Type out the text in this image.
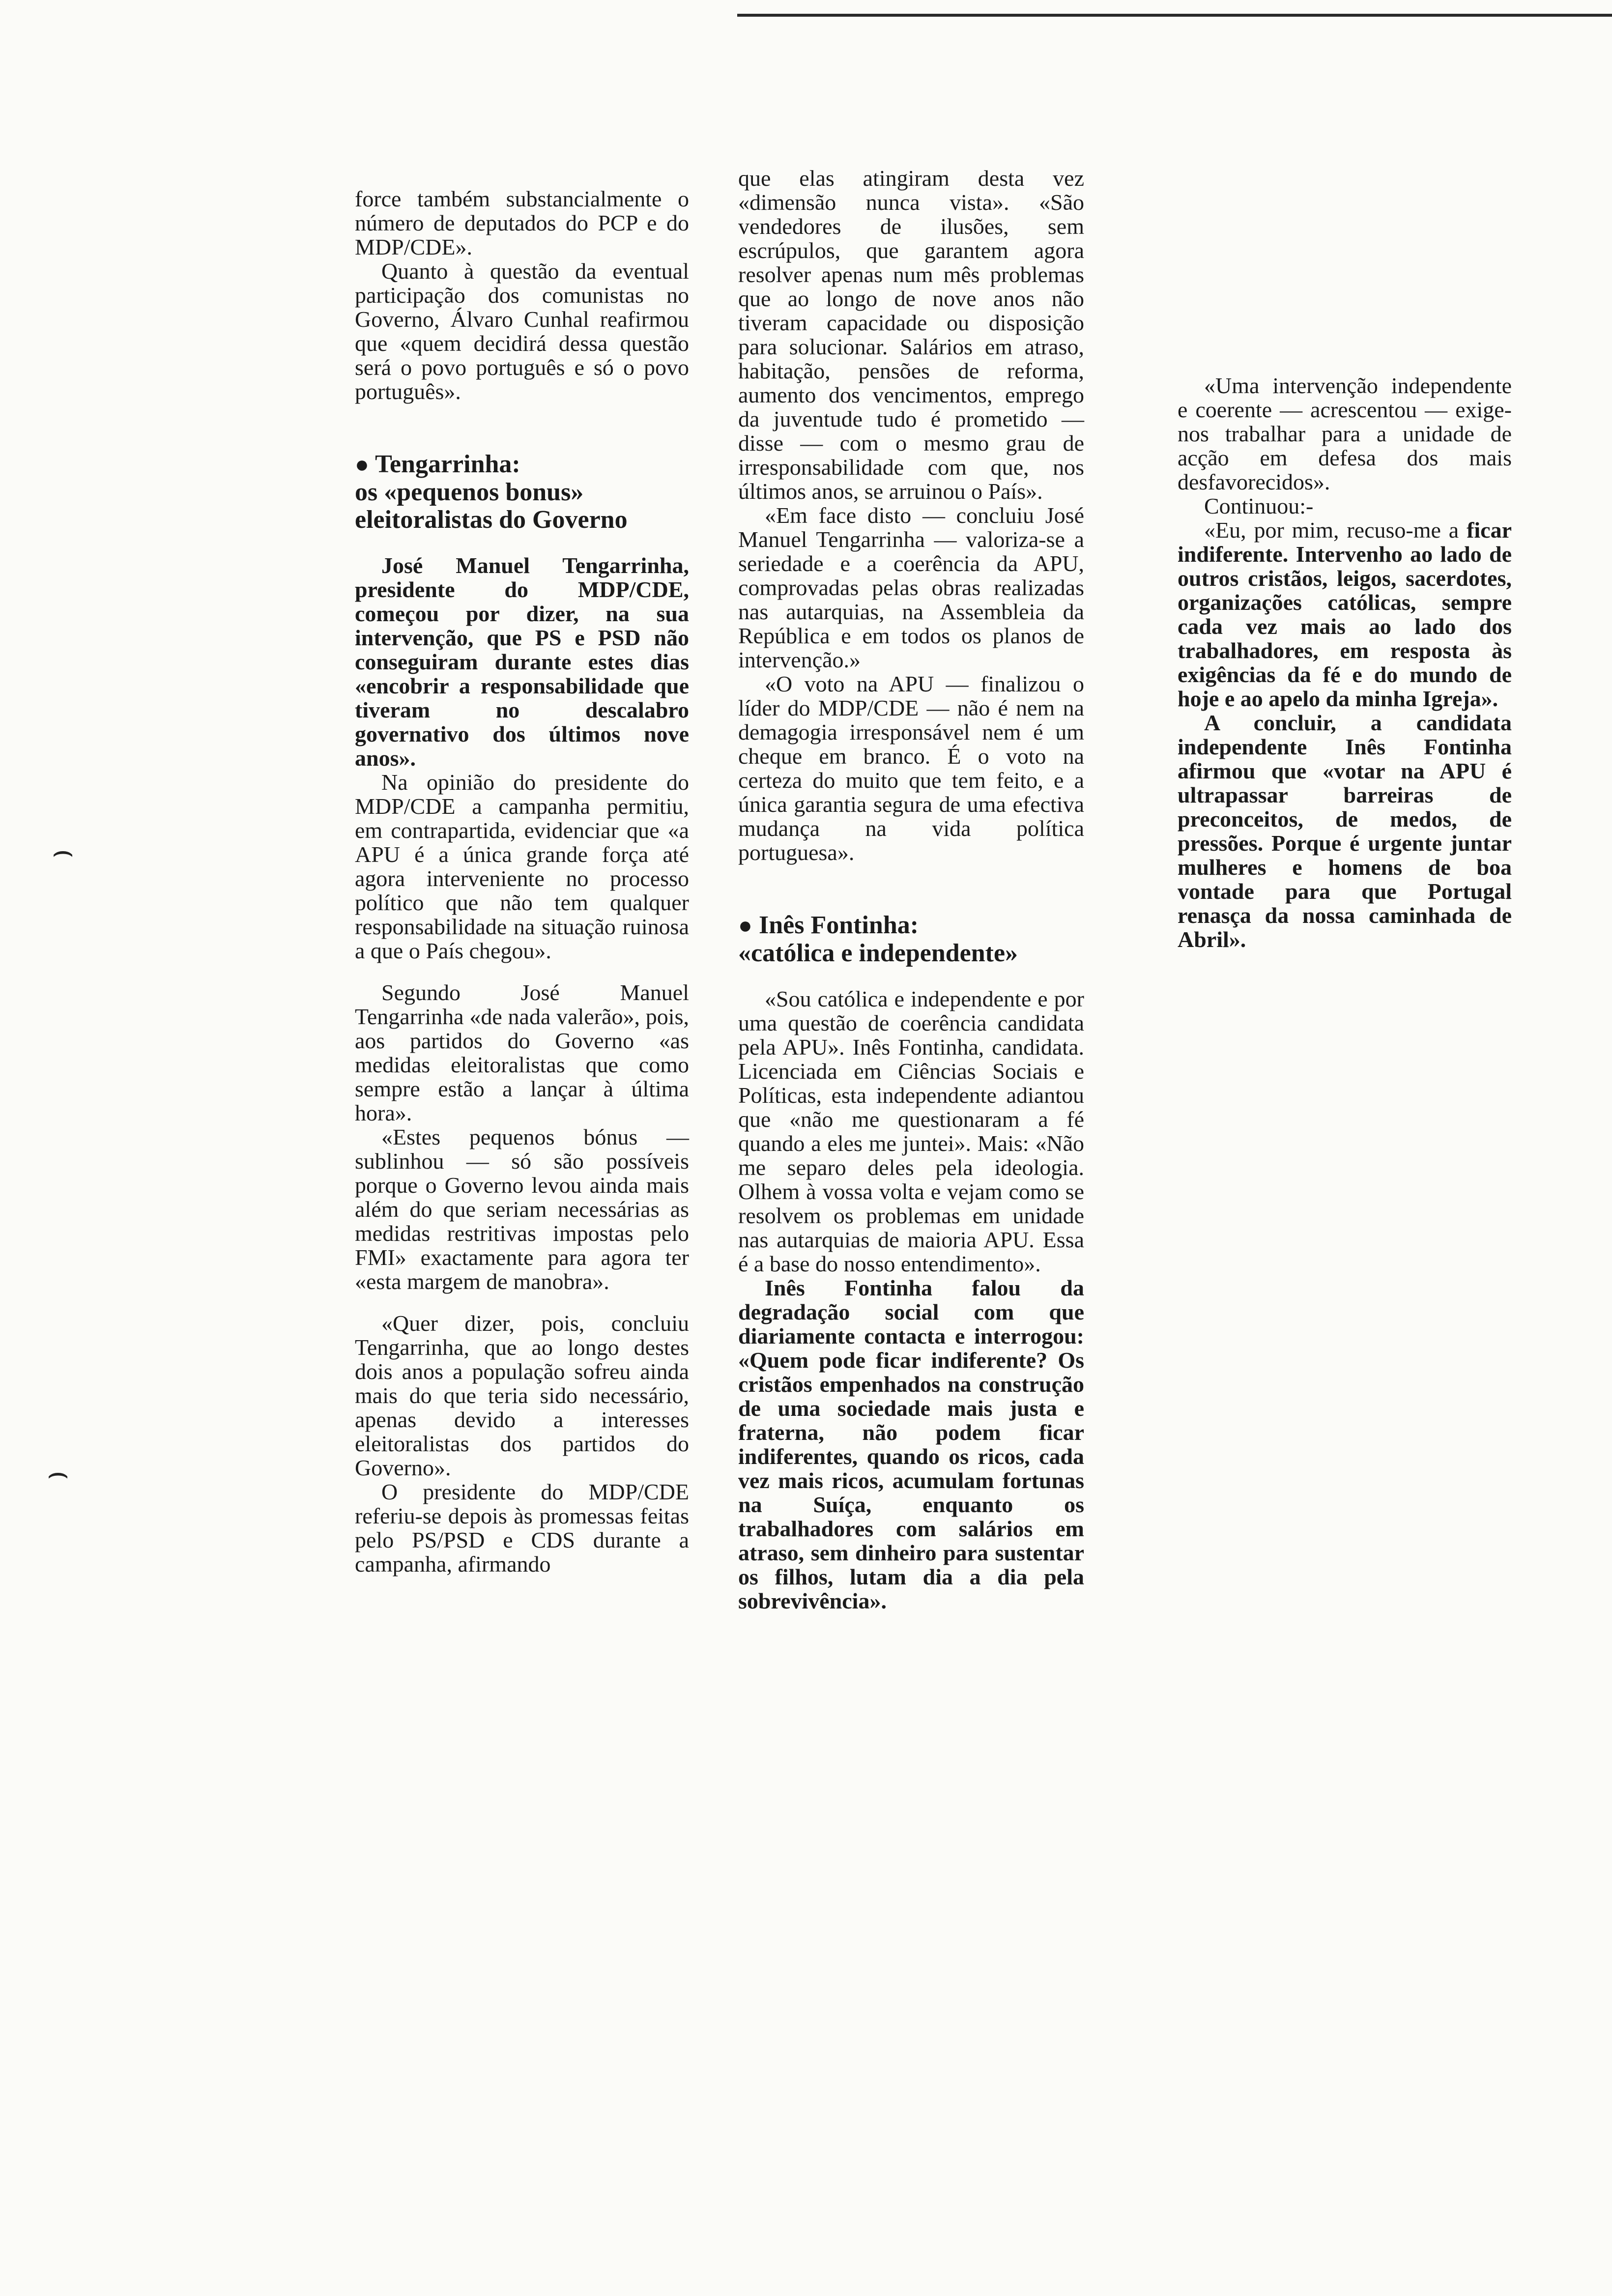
⌢
⌢

force também substancialmente o número de deputados do PCP e do MDP/CDE».

Quanto à questão da eventual participação dos comunistas no Governo, Álvaro Cunhal reafirmou que «quem decidirá dessa questão será o povo português e só o povo português».

● Tengarrinha:
os «pequenos bonus» eleitoralistas do Governo

José Manuel Tengarrinha, presidente do MDP/CDE, começou por dizer, na sua intervenção, que PS e PSD não conseguiram durante estes dias «encobrir a responsabilidade que tiveram no descalabro governativo dos últimos nove anos».

Na opinião do presidente do MDP/CDE a campanha permitiu, em contrapartida, evidenciar que «a APU é a única grande força até agora interveniente no processo político que não tem qualquer responsabilidade na situação ruinosa a que o País chegou».

Segundo José Manuel Tengarrinha «de nada valerão», pois, aos partidos do Governo «as medidas eleitoralistas que como sempre estão a lançar à última hora».

«Estes pequenos bónus — sublinhou — só são possíveis porque o Governo levou ainda mais além do que seriam necessárias as medidas restritivas impostas pelo FMI» exactamente para agora ter «esta margem de manobra».

«Quer dizer, pois, concluiu Tengarrinha, que ao longo destes dois anos a população sofreu ainda mais do que teria sido necessário, apenas devido a interesses eleitoralistas dos partidos do Governo».

O presidente do MDP/CDE referiu-se depois às promessas feitas pelo PS/PSD e CDS durante a campanha, afirmando

que elas atingiram desta vez «dimensão nunca vista». «São vendedores de ilusões, sem escrúpulos, que garantem agora resolver apenas num mês problemas que ao longo de nove anos não tiveram capacidade ou disposição para solucionar. Salários em atraso, habitação, pensões de reforma, aumento dos vencimentos, emprego da juventude tudo é prometido — disse — com o mesmo grau de irresponsabilidade com que, nos últimos anos, se arruinou o País».

«Em face disto — concluiu José Manuel Tengarrinha — valoriza-se a seriedade e a coerência da APU, comprovadas pelas obras realizadas nas autarquias, na Assembleia da República e em todos os planos de intervenção.»

«O voto na APU — finalizou o líder do MDP/CDE — não é nem na demagogia irresponsável nem é um cheque em branco. É o voto na certeza do muito que tem feito, e a única garantia segura de uma efectiva mudança na vida política portuguesa».

● Inês Fontinha:
«católica e independente»

«Sou católica e independente e por uma questão de coerência candidata pela APU». Inês Fontinha, candidata. Licenciada em Ciências Sociais e Políticas, esta independente adiantou que «não me questionaram a fé quando a eles me juntei». Mais: «Não me separo deles pela ideologia. Olhem à vossa volta e vejam como se resolvem os problemas em unidade nas autarquias de maioria APU. Essa é a base do nosso entendimento».

Inês Fontinha falou da degradação social com que diariamente contacta e interrogou: «Quem pode ficar indiferente? Os cristãos empenhados na construção de uma sociedade mais justa e fraterna, não podem ficar indiferentes, quando os ricos, cada vez mais ricos, acumulam fortunas na Suíça, enquanto os trabalhadores com salários em atraso, sem dinheiro para sustentar os filhos, lutam dia a dia pela sobrevivência».

«Uma intervenção independente e coerente — acrescentou — exige-nos trabalhar para a unidade de acção em defesa dos mais desfavorecidos».

Continuou:-

«Eu, por mim, recuso-me a ficar indiferente. Intervenho ao lado de outros cristãos, leigos, sacerdotes, organizações católicas, sempre cada vez mais ao lado dos trabalhadores, em resposta às exigências da fé e do mundo de hoje e ao apelo da minha Igreja».

A concluir, a candidata independente Inês Fontinha afirmou que «votar na APU é ultrapassar barreiras de preconceitos, de medos, de pressões. Porque é urgente juntar mulheres e homens de boa vontade para que Portugal renasça da nossa caminhada de Abril».
